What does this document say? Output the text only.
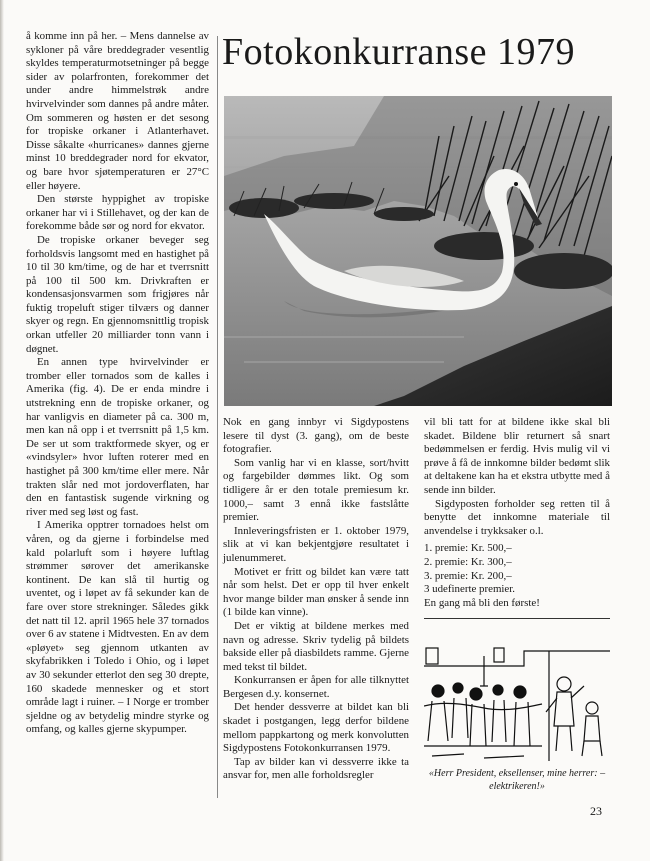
å komme inn på her. – Mens dannelse av sykloner på våre breddegrader vesentlig skyldes temperaturmotsetninger på begge sider av polarfronten, forekommer det under andre himmelstrøk andre hvirvelvinder som dannes på andre måter. Om sommeren og høsten er det sesong for tropiske orkaner i Atlanterhavet. Disse såkalte «hurricanes» dannes gjerne minst 10 breddegrader nord for ekvator, og bare hvor sjøtemperaturen er 27°C eller høyere.

Den største hyppighet av tropiske orkaner har vi i Stillehavet, og der kan de forekomme både sør og nord for ekvator.

De tropiske orkaner beveger seg forholdsvis langsomt med en hastighet på 10 til 30 km/time, og de har et tverrsnitt på 100 til 500 km. Drivkraften er kondensasjonsvarmen som frigjøres når fuktig tropeluft stiger tilværs og danner skyer og regn. En gjennomsnittlig tropisk orkan utfeller 20 milliarder tonn vann i døgnet.

En annen type hvirvelvinder er tromber eller tornados som de kalles i Amerika (fig. 4). De er enda mindre i utstrekning enn de tropiske orkaner, og har vanligvis en diameter på ca. 300 m, men kan nå opp i et tverrsnitt på 1,5 km. De ser ut som traktformede skyer, og er «vindsyler» hvor luften roterer med en hastighet på 300 km/time eller mere. Når trakten slår ned mot jordoverflaten, har den en fantastisk sugende virkning og river med seg løst og fast.

I Amerika opptrer tornadoes helst om våren, og da gjerne i forbindelse med kald polarluft som i høyere luftlag strømmer sørover det amerikanske kontinent. De kan slå til hurtig og uventet, og i løpet av få sekunder kan de fare over store strekninger. Således gikk det natt til 12. april 1965 hele 37 tornados over 6 av statene i Midtvesten. En av dem «pløyet» seg gjennom utkanten av skyfabrikken i Toledo i Ohio, og i løpet av 30 sekunder etterlot den seg 30 drepte, 160 skadede mennesker og et stort område lagt i ruiner. – I Norge er tromber sjeldne og av betydelig mindre styrke og omfang, og kalles gjerne skypumper.

Fotokonkurranse 1979

Nok en gang innbyr vi Sigdypostens lesere til dyst (3. gang), om de beste fotografier.

Som vanlig har vi en klasse, sort/hvitt og fargebilder dømmes likt. Og som tidligere år er den totale premiesum kr. 1000,– samt 3 ennå ikke fastslåtte premier.

Innleveringsfristen er 1. oktober 1979, slik at vi kan bekjentgjøre resultatet i julenummeret.

Motivet er fritt og bildet kan være tatt når som helst. Det er opp til hver enkelt hvor mange bilder man ønsker å sende inn (1 bilde kan vinne).

Det er viktig at bildene merkes med navn og adresse. Skriv tydelig på bildets bakside eller på diasbildets ramme. Gjerne med tekst til bildet.

Konkurransen er åpen for alle tilknyttet Bergesen d.y. konsernet.

Det hender dessverre at bildet kan bli skadet i postgangen, legg derfor bildene mellom pappkartong og merk konvolutten Sigdypostens Fotokonkurransen 1979.

Tap av bilder kan vi dessverre ikke ta ansvar for, men alle forholdsregler

vil bli tatt for at bildene ikke skal bli skadet. Bildene blir returnert så snart bedømmelsen er ferdig. Hvis mulig vil vi prøve å få de innkomne bilder bedømt slik at deltakene kan ha et ekstra utbytte med å sende inn bilder.

Sigdyposten forholder seg retten til å benytte det innkomne materiale til anvendelse i trykksaker o.l.

1. premie: Kr. 500,–

2. premie: Kr. 300,–

3. premie: Kr. 200,–

3 udefinerte premier.

En gang må bli den første!

«Herr President, eksellenser, mine herrer: – elektrikeren!»
23
